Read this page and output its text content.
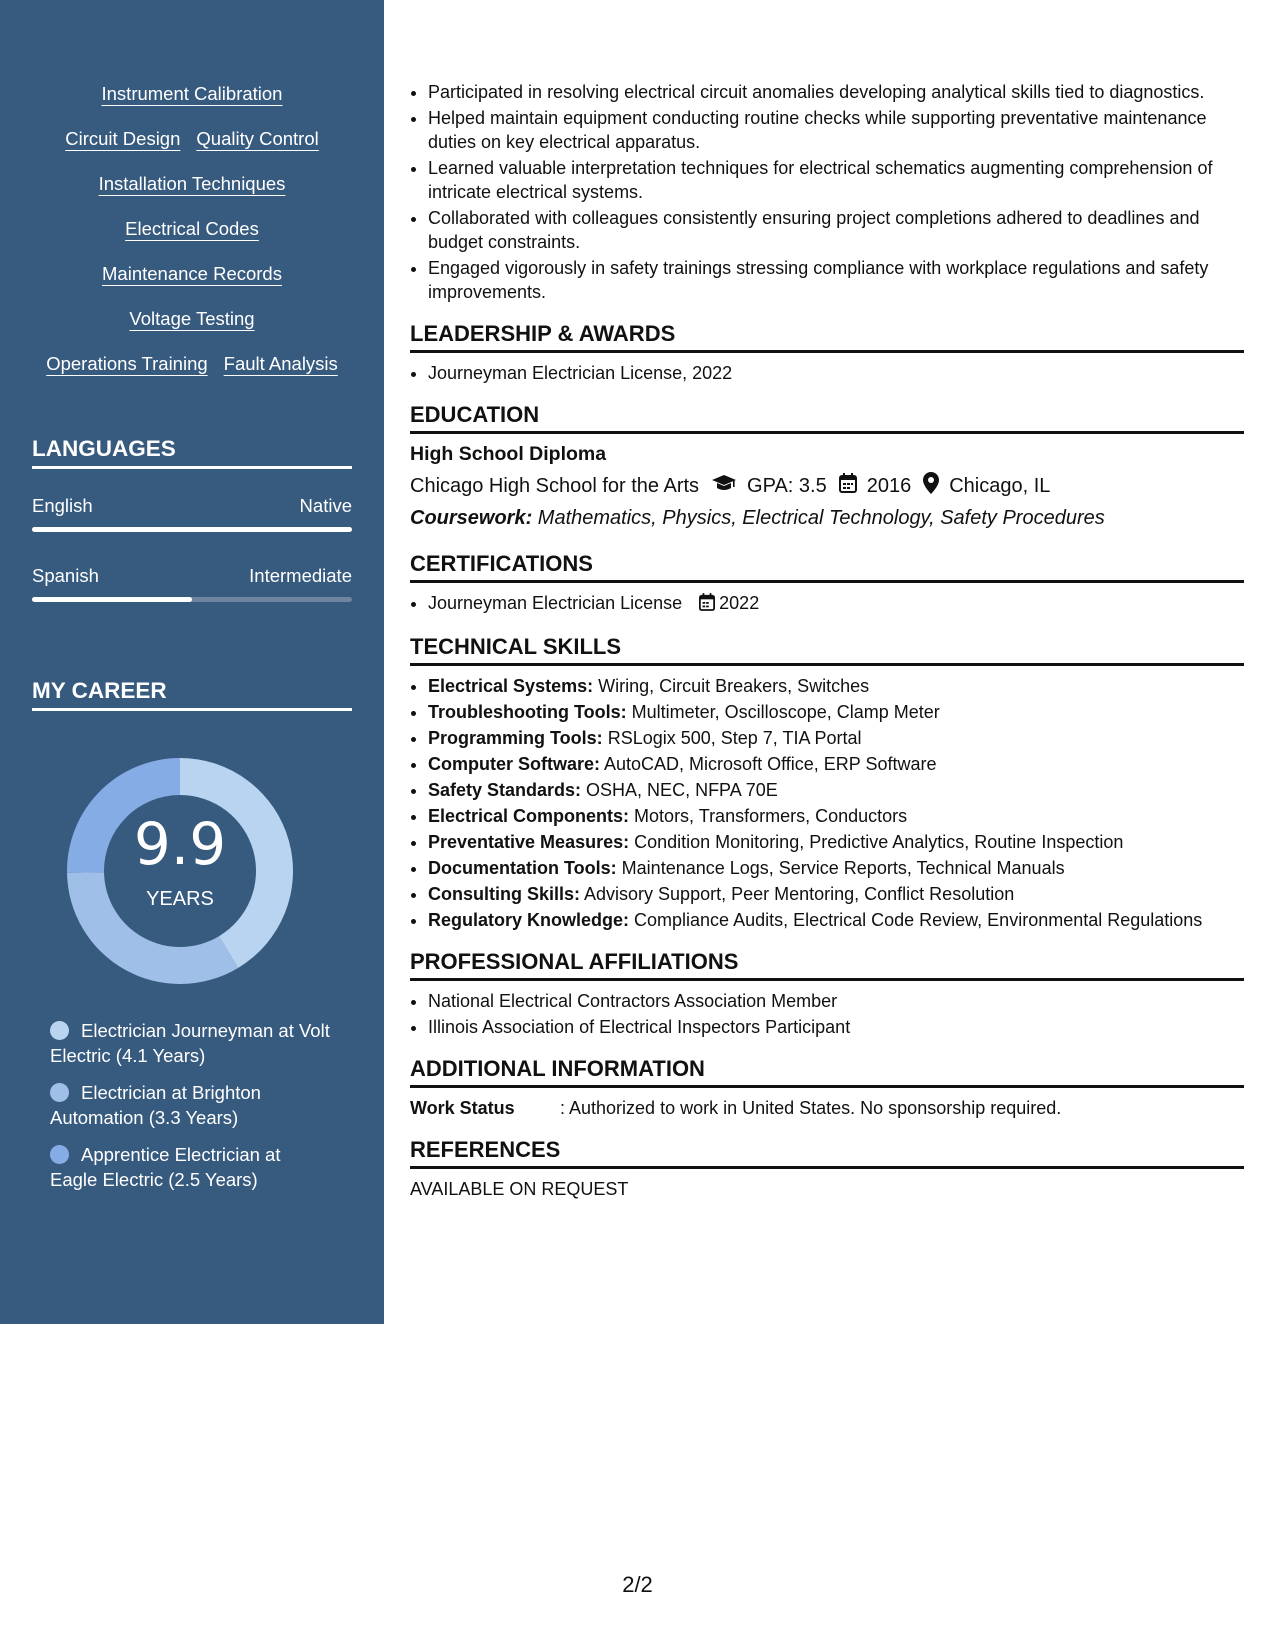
Instrument Calibration
Circuit Design Quality Control
Installation Techniques
Electrical Codes
Maintenance Records
Voltage Testing
Operations Training Fault Analysis
LANGUAGES
English	Native
Spanish	Intermediate
MY CAREER
9.9
YEARS
Electrician Journeyman at Volt Electric (4.1 Years)
Electrician at Brighton Automation (3.3 Years)
Apprentice Electrician at Eagle Electric (2.5 Years)
• Participated in resolving electrical circuit anomalies developing analytical skills tied to diagnostics.
• Helped maintain equipment conducting routine checks while supporting preventative maintenance duties on key electrical apparatus.
• Learned valuable interpretation techniques for electrical schematics augmenting comprehension of intricate electrical systems.
• Collaborated with colleagues consistently ensuring project completions adhered to deadlines and budget constraints.
• Engaged vigorously in safety trainings stressing compliance with workplace regulations and safety improvements.
LEADERSHIP & AWARDS
• Journeyman Electrician License, 2022
EDUCATION
High School Diploma
Chicago High School for the Arts GPA: 3.5 2016 Chicago, IL
Coursework: Mathematics, Physics, Electrical Technology, Safety Procedures
CERTIFICATIONS
• Journeyman Electrician License 2022
TECHNICAL SKILLS
• Electrical Systems: Wiring, Circuit Breakers, Switches
• Troubleshooting Tools: Multimeter, Oscilloscope, Clamp Meter
• Programming Tools: RSLogix 500, Step 7, TIA Portal
• Computer Software: AutoCAD, Microsoft Office, ERP Software
• Safety Standards: OSHA, NEC, NFPA 70E
• Electrical Components: Motors, Transformers, Conductors
• Preventative Measures: Condition Monitoring, Predictive Analytics, Routine Inspection
• Documentation Tools: Maintenance Logs, Service Reports, Technical Manuals
• Consulting Skills: Advisory Support, Peer Mentoring, Conflict Resolution
• Regulatory Knowledge: Compliance Audits, Electrical Code Review, Environmental Regulations
PROFESSIONAL AFFILIATIONS
• National Electrical Contractors Association Member
• Illinois Association of Electrical Inspectors Participant
ADDITIONAL INFORMATION
Work Status	: Authorized to work in United States. No sponsorship required.
REFERENCES
AVAILABLE ON REQUEST
2/2
